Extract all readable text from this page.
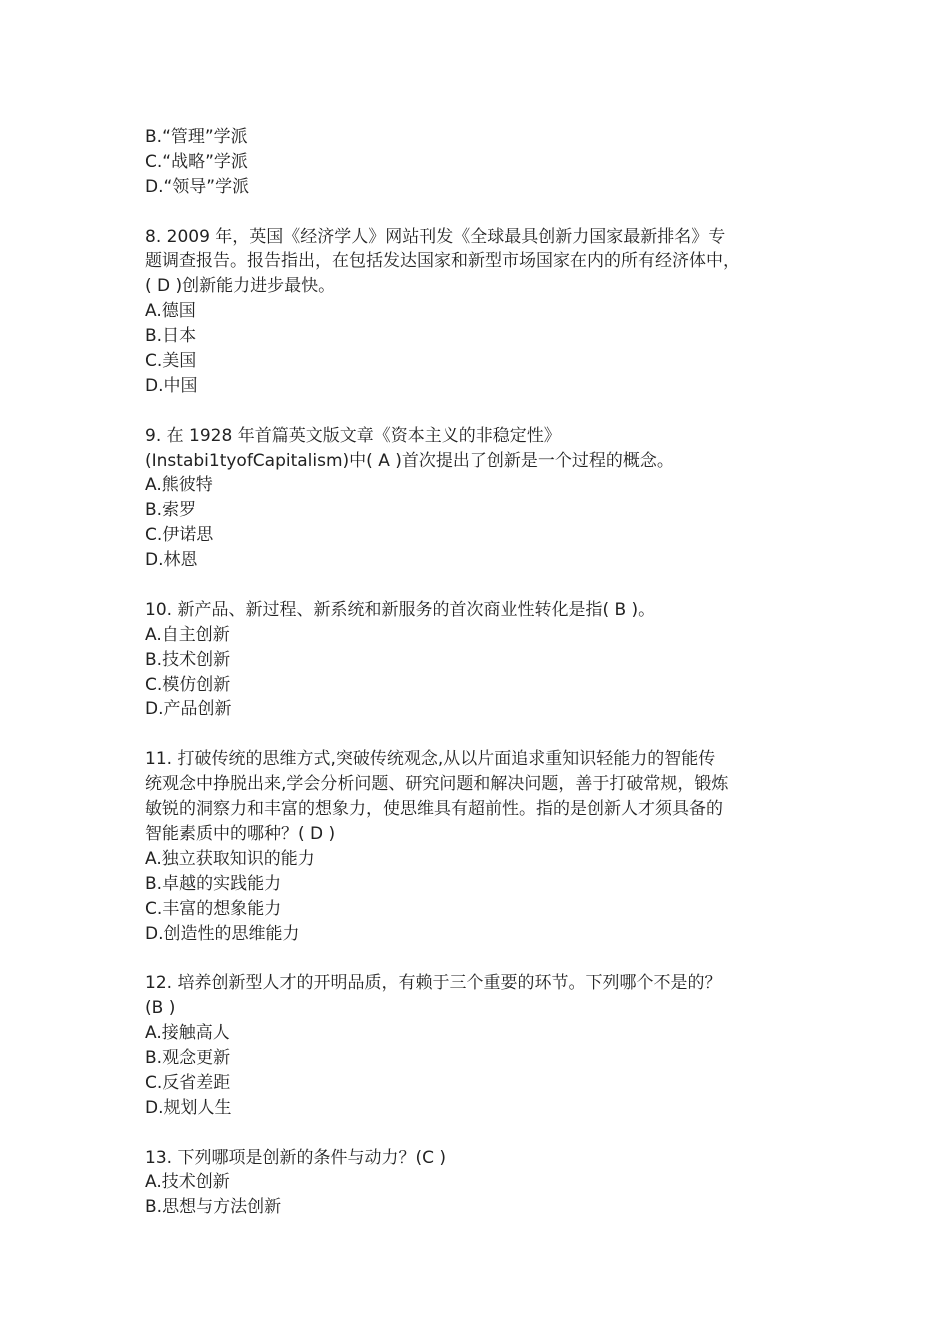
B.“管理”学派
C.“战略”学派
D.“领导”学派
8. 2009 年，英国《经济学人》网站刊发《全球最具创新力国家最新排名》专
题调查报告。报告指出，在包括发达国家和新型市场国家在内的所有经济体中，
( D )创新能力进步最快。
A.德国
B.日本
C.美国
D.中国
9. 在 1928 年首篇英文版文章《资本主义的非稳定性》
(Instabi1tyofCapitalism)中( A )首次提出了创新是一个过程的概念。
A.熊彼特
B.索罗
C.伊诺思
D.林恩
10. 新产品、新过程、新系统和新服务的首次商业性转化是指( B )。
A.自主创新
B.技术创新
C.模仿创新
D.产品创新
11. 打破传统的思维方式,突破传统观念,从以片面追求重知识轻能力的智能传
统观念中挣脱出来,学会分析问题、研究问题和解决问题，善于打破常规，锻炼
敏锐的洞察力和丰富的想象力，使思维具有超前性。指的是创新人才须具备的
智能素质中的哪种？( D )
A.独立获取知识的能力
B.卓越的实践能力
C.丰富的想象能力
D.创造性的思维能力
12. 培养创新型人才的开明品质，有赖于三个重要的环节。下列哪个不是的？
(B )
A.接触高人
B.观念更新
C.反省差距
D.规划人生
13. 下列哪项是创新的条件与动力？(C )
A.技术创新
B.思想与方法创新
